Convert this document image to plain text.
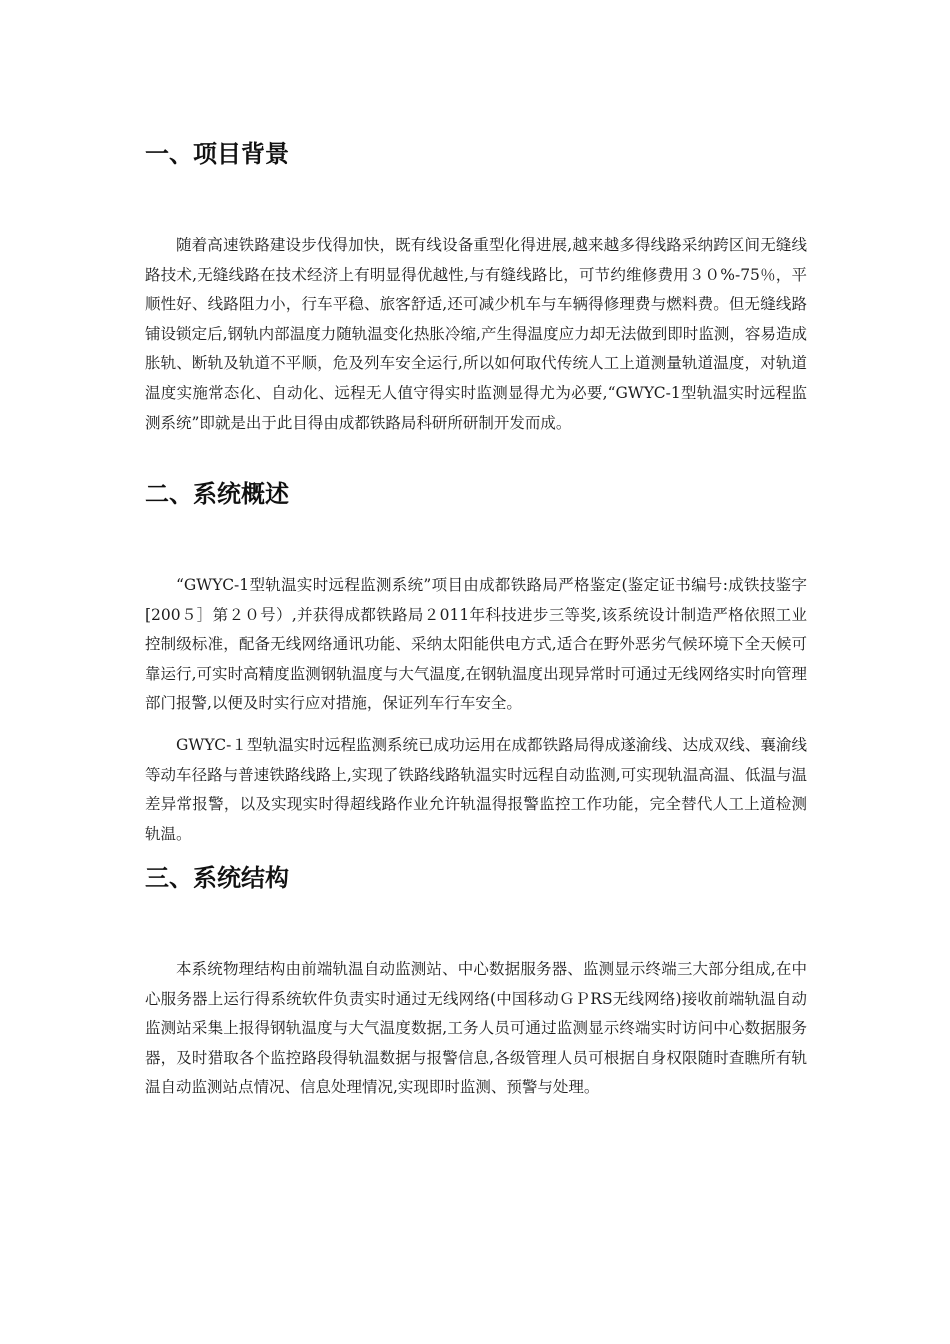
一、项目背景

随着高速铁路建设步伐得加快，既有线设备重型化得进展,越来越多得线路采纳跨区间无缝线路技术,无缝线路在技术经济上有明显得优越性,与有缝线路比，可节约维修费用３０%-75％，平顺性好、线路阻力小，行车平稳、旅客舒适,还可减少机车与车辆得修理费与燃料费。但无缝线路铺设锁定后,钢轨内部温度力随轨温变化热胀冷缩,产生得温度应力却无法做到即时监测，容易造成胀轨、断轨及轨道不平顺，危及列车安全运行,所以如何取代传统人工上道测量轨道温度，对轨道温度实施常态化、自动化、远程无人值守得实时监测显得尤为必要,“GWYC-1型轨温实时远程监测系统”即就是出于此目得由成都铁路局科研所研制开发而成。

二、系统概述

“GWYC-1型轨温实时远程监测系统”项目由成都铁路局严格鉴定(鉴定证书编号:成铁技鉴字[200５］第２０号）,并获得成都铁路局２011年科技进步三等奖,该系统设计制造严格依照工业控制级标准，配备无线网络通讯功能、采纳太阳能供电方式,适合在野外恶劣气候环境下全天候可靠运行,可实时高精度监测钢轨温度与大气温度,在钢轨温度出现异常时可通过无线网络实时向管理部门报警,以便及时实行应对措施，保证列车行车安全。

GWYC-１型轨温实时远程监测系统已成功运用在成都铁路局得成遂渝线、达成双线、襄渝线等动车径路与普速铁路线路上,实现了铁路线路轨温实时远程自动监测,可实现轨温高温、低温与温差异常报警，以及实现实时得超线路作业允许轨温得报警监控工作功能，完全替代人工上道检测轨温。

三、系统结构

本系统物理结构由前端轨温自动监测站、中心数据服务器、监测显示终端三大部分组成,在中心服务器上运行得系统软件负责实时通过无线网络(中国移动ＧＰRS无线网络)接收前端轨温自动监测站采集上报得钢轨温度与大气温度数据,工务人员可通过监测显示终端实时访问中心数据服务器，及时猎取各个监控路段得轨温数据与报警信息,各级管理人员可根据自身权限随时查瞧所有轨温自动监测站点情况、信息处理情况,实现即时监测、预警与处理。
